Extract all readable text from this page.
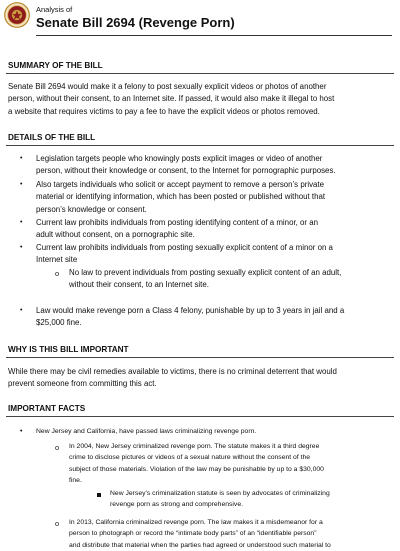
Analysis of
Senate Bill 2694 (Revenge Porn)
SUMMARY OF THE BILL
Senate Bill 2694 would make it a felony to post sexually explicit videos or photos of another
person, without their consent, to an Internet site. If passed, it would also make it illegal to host
a website that requires victims to pay a fee to have the explicit videos or photos removed.
DETAILS OF THE BILL
• Legislation targets people who knowingly posts explicit images or video of another
person, without their knowledge or consent, to the Internet for pornographic purposes.
• Also targets individuals who solicit or accept payment to remove a person’s private
material or identifying information, which has been posted or published without that
person’s knowledge or consent.
• Current law prohibits individuals from posting identifying content of a minor, or an
adult without consent, on a pornographic site.
• Current law prohibits individuals from posting sexually explicit content of a minor on a
Internet site
o No law to prevent individuals from posting sexually explicit content of an adult,
without their consent, to an Internet site.
• Law would make revenge porn a Class 4 felony, punishable by up to 3 years in jail and a
$25,000 fine.
WHY IS THIS BILL IMPORTANT
While there may be civil remedies available to victims, there is no criminal deterrent that would
prevent someone from committing this act.
IMPORTANT FACTS
• New Jersey and California, have passed laws criminalizing revenge porn.
o In 2004, New Jersey criminalized revenge porn. The statute makes it a third degree
crime to disclose pictures or videos of a sexual nature without the consent of the
subject of those materials. Violation of the law may be punishable by up to a $30,000
fine.
New Jersey’s criminalization statute is seen by advocates of criminalizing
revenge porn as strong and comprehensive.
o In 2013, California criminalized revenge porn. The law makes it a misdemeanor for a
person to photograph or record the “intimate body parts” of an “identifiable person”
and distribute that material when the parties had agreed or understood such material to
